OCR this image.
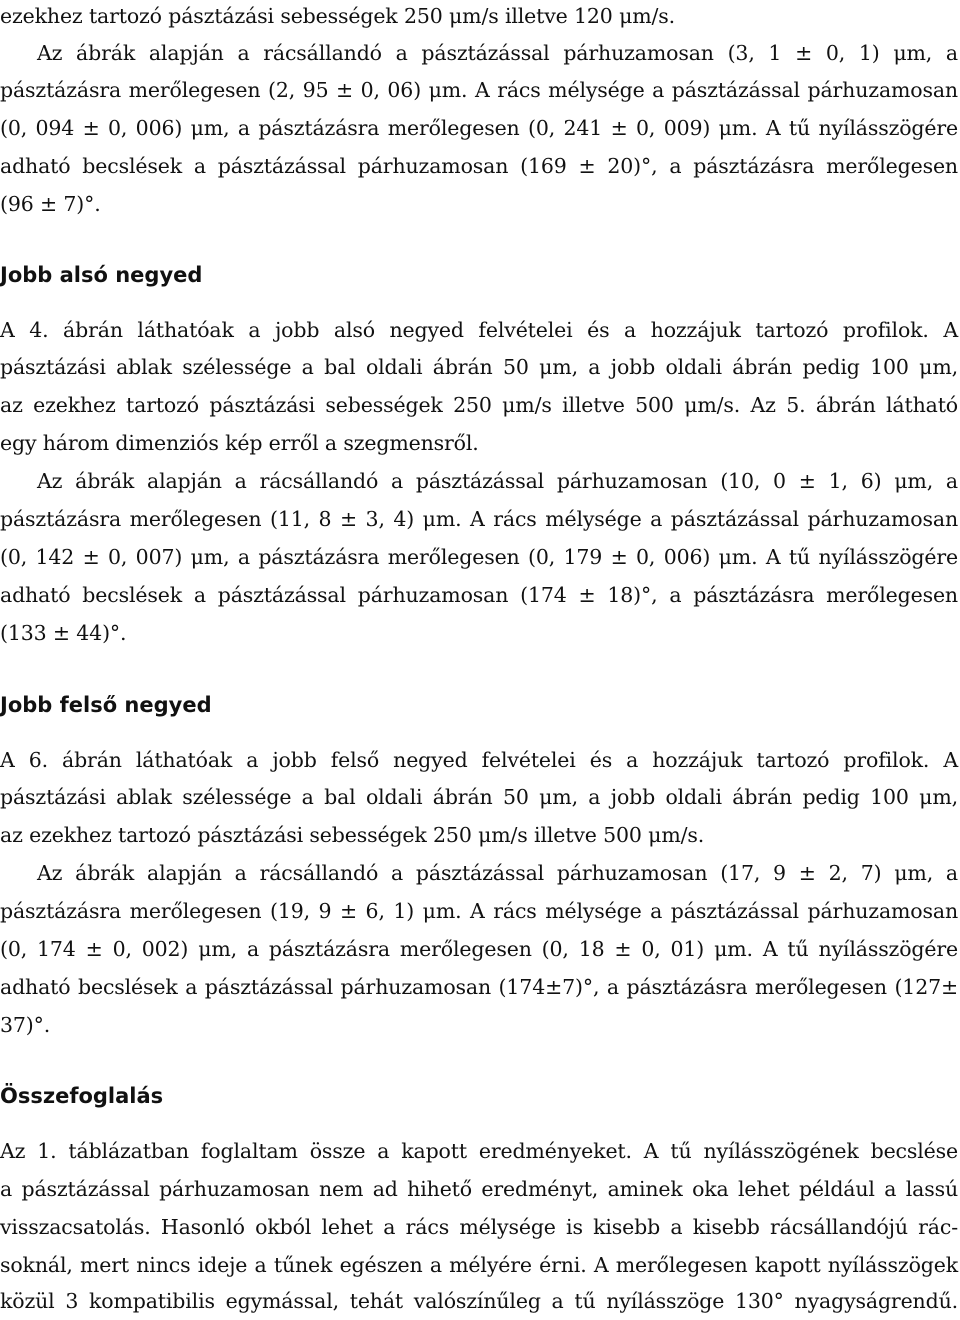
ezekhez tartozó pásztázási sebességek 250 μm/s illetve 120 μm/s.
Az ábrák alapján a rácsállandó a pásztázással párhuzamosan (3, 1 ± 0, 1) μm, a
pásztázásra merőlegesen (2, 95 ± 0, 06) μm. A rács mélysége a pásztázással párhuzamosan
(0, 094 ± 0, 006) μm, a pásztázásra merőlegesen (0, 241 ± 0, 009) μm. A tű nyílásszögére
adható becslések a pásztázással párhuzamosan (169 ± 20)°, a pásztázásra merőlegesen
(96 ± 7)°.
Jobb alsó negyed
A 4. ábrán láthatóak a jobb alsó negyed felvételei és a hozzájuk tartozó profilok. A
pásztázási ablak szélessége a bal oldali ábrán 50 μm, a jobb oldali ábrán pedig 100 μm,
az ezekhez tartozó pásztázási sebességek 250 μm/s illetve 500 μm/s. Az 5. ábrán látható
egy három dimenziós kép erről a szegmensről.
Az ábrák alapján a rácsállandó a pásztázással párhuzamosan (10, 0 ± 1, 6) μm, a
pásztázásra merőlegesen (11, 8 ± 3, 4) μm. A rács mélysége a pásztázással párhuzamosan
(0, 142 ± 0, 007) μm, a pásztázásra merőlegesen (0, 179 ± 0, 006) μm. A tű nyílásszögére
adható becslések a pásztázással párhuzamosan (174 ± 18)°, a pásztázásra merőlegesen
(133 ± 44)°.
Jobb felső negyed
A 6. ábrán láthatóak a jobb felső negyed felvételei és a hozzájuk tartozó profilok. A
pásztázási ablak szélessége a bal oldali ábrán 50 μm, a jobb oldali ábrán pedig 100 μm,
az ezekhez tartozó pásztázási sebességek 250 μm/s illetve 500 μm/s.
Az ábrák alapján a rácsállandó a pásztázással párhuzamosan (17, 9 ± 2, 7) μm, a
pásztázásra merőlegesen (19, 9 ± 6, 1) μm. A rács mélysége a pásztázással párhuzamosan
(0, 174 ± 0, 002) μm, a pásztázásra merőlegesen (0, 18 ± 0, 01) μm. A tű nyílásszögére
adható becslések a pásztázással párhuzamosan (174±7)°, a pásztázásra merőlegesen (127±
37)°.
Összefoglalás
Az 1. táblázatban foglaltam össze a kapott eredményeket. A tű nyílásszögének becslése
a pásztázással párhuzamosan nem ad hihető eredményt, aminek oka lehet például a lassú
visszacsatolás. Hasonló okból lehet a rács mélysége is kisebb a kisebb rácsállandójú rác-
soknál, mert nincs ideje a tűnek egészen a mélyére érni. A merőlegesen kapott nyílásszögek
közül 3 kompatibilis egymással, tehát valószínűleg a tű nyílásszöge 130° nyagyságrendű.
